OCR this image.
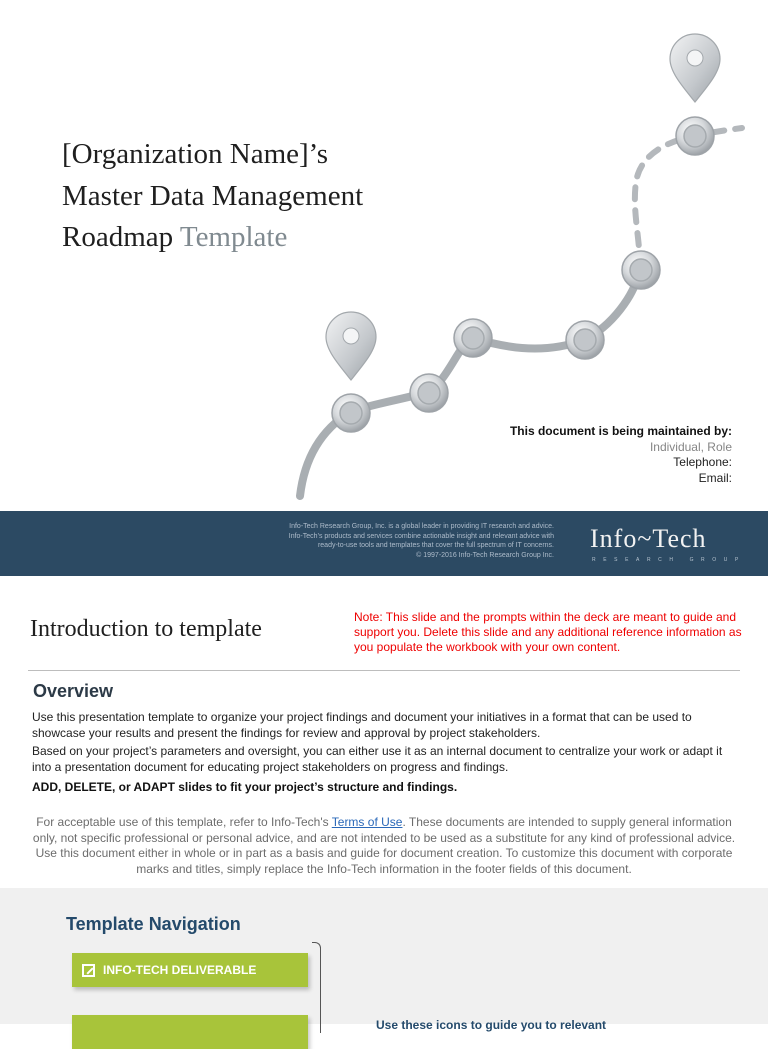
[Organization Name]’s
Master Data Management
Roadmap Template
This document is being maintained by:
Individual, Role
Telephone:
Email:
Info-Tech Research Group, Inc. is a global leader in providing IT research and advice.
Info-Tech’s products and services combine actionable insight and relevant advice with
ready-to-use tools and templates that cover the full spectrum of IT concerns.
© 1997-2016 Info-Tech Research Group Inc.
Info~Tech
RESEARCH GROUP
Introduction to template	Note: This slide and the prompts within the deck are meant to guide and support you. Delete this slide and any additional reference information as you populate the workbook with your own content.

Overview

Use this presentation template to organize your project findings and document your initiatives in a format that can be used to showcase your results and present the findings for review and approval by project stakeholders.

Based on your project’s parameters and oversight, you can either use it as an internal document to centralize your work or adapt it into a presentation document for educating project stakeholders on progress and findings.

ADD, DELETE, or ADAPT slides to fit your project’s structure and findings.

For acceptable use of this template, refer to Info-Tech's Terms of Use. These documents are intended to supply general information only, not specific professional or personal advice, and are not intended to be used as a substitute for any kind of professional advice. Use this document either in whole or in part as a basis and guide for document creation. To customize this document with corporate marks and titles, simply replace the Info-Tech information in the footer fields of this document.

Template Navigation
INFO-TECH DELIVERABLE

Use these icons to guide you to relevant
